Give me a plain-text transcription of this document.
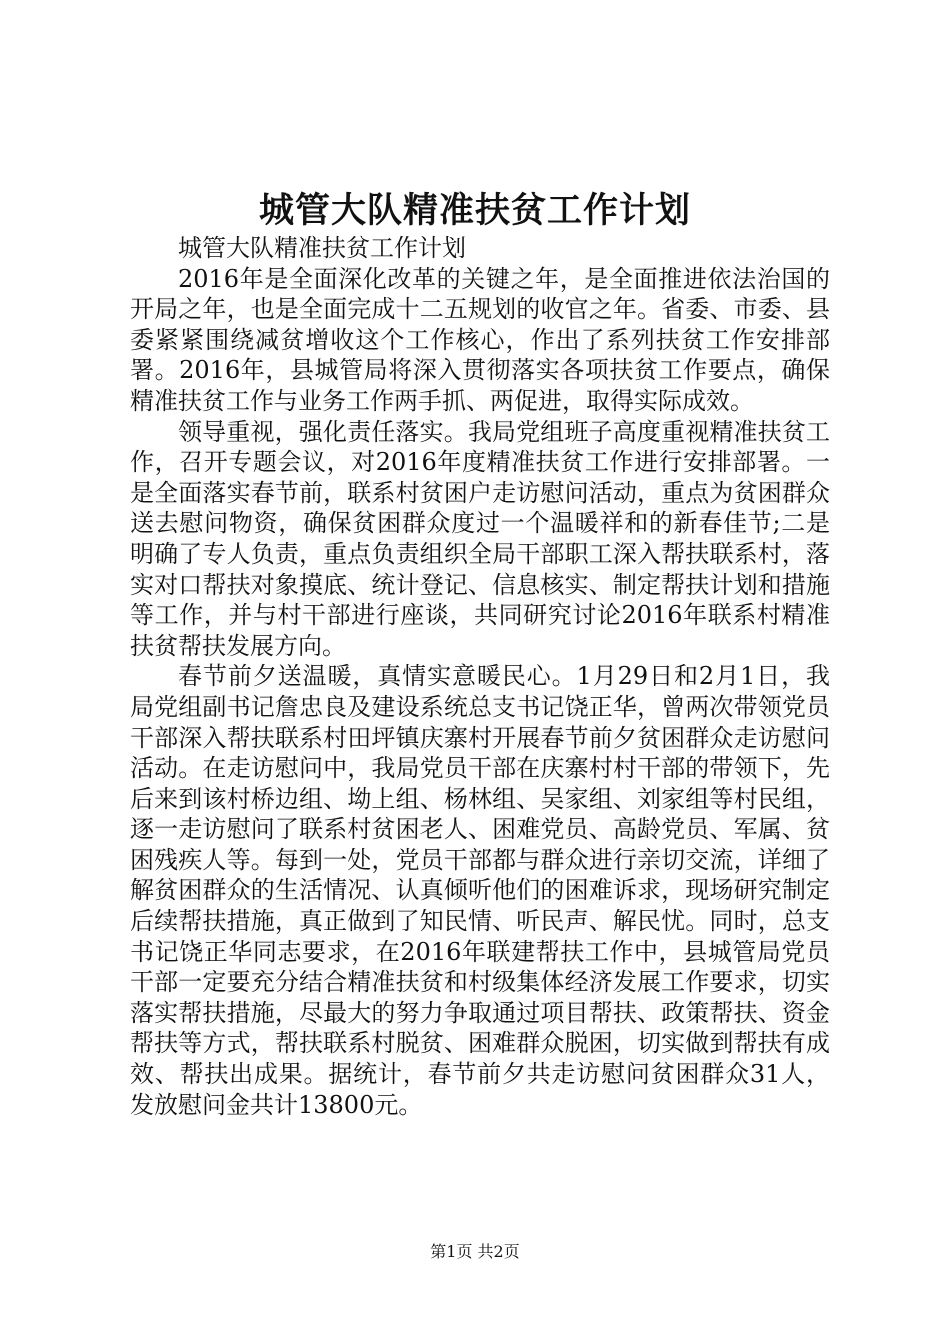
城管大队精准扶贫工作计划

城管大队精准扶贫工作计划

2016年是全面深化改革的关键之年，是全面推进依法治国的开局之年，也是全面完成十二五规划的收官之年。省委、市委、县委紧紧围绕减贫增收这个工作核心，作出了系列扶贫工作安排部署。2016年，县城管局将深入贯彻落实各项扶贫工作要点，确保精准扶贫工作与业务工作两手抓、两促进，取得实际成效。

领导重视，强化责任落实。我局党组班子高度重视精准扶贫工作，召开专题会议，对2016年度精准扶贫工作进行安排部署。一是全面落实春节前，联系村贫困户走访慰问活动，重点为贫困群众送去慰问物资，确保贫困群众度过一个温暖祥和的新春佳节;二是明确了专人负责，重点负责组织全局干部职工深入帮扶联系村，落实对口帮扶对象摸底、统计登记、信息核实、制定帮扶计划和措施等工作，并与村干部进行座谈，共同研究讨论2016年联系村精准扶贫帮扶发展方向。

春节前夕送温暖，真情实意暖民心。1月29日和2月1日，我局党组副书记詹忠良及建设系统总支书记饶正华，曾两次带领党员干部深入帮扶联系村田坪镇庆寨村开展春节前夕贫困群众走访慰问活动。在走访慰问中，我局党员干部在庆寨村村干部的带领下，先后来到该村桥边组、坳上组、杨林组、吴家组、刘家组等村民组，逐一走访慰问了联系村贫困老人、困难党员、高龄党员、军属、贫困残疾人等。每到一处，党员干部都与群众进行亲切交流，详细了解贫困群众的生活情况、认真倾听他们的困难诉求，现场研究制定后续帮扶措施，真正做到了知民情、听民声、解民忧。同时，总支书记饶正华同志要求，在2016年联建帮扶工作中，县城管局党员干部一定要充分结合精准扶贫和村级集体经济发展工作要求，切实落实帮扶措施，尽最大的努力争取通过项目帮扶、政策帮扶、资金帮扶等方式，帮扶联系村脱贫、困难群众脱困，切实做到帮扶有成效、帮扶出成果。据统计，春节前夕共走访慰问贫困群众31人，发放慰问金共计13800元。

第1页 共2页
